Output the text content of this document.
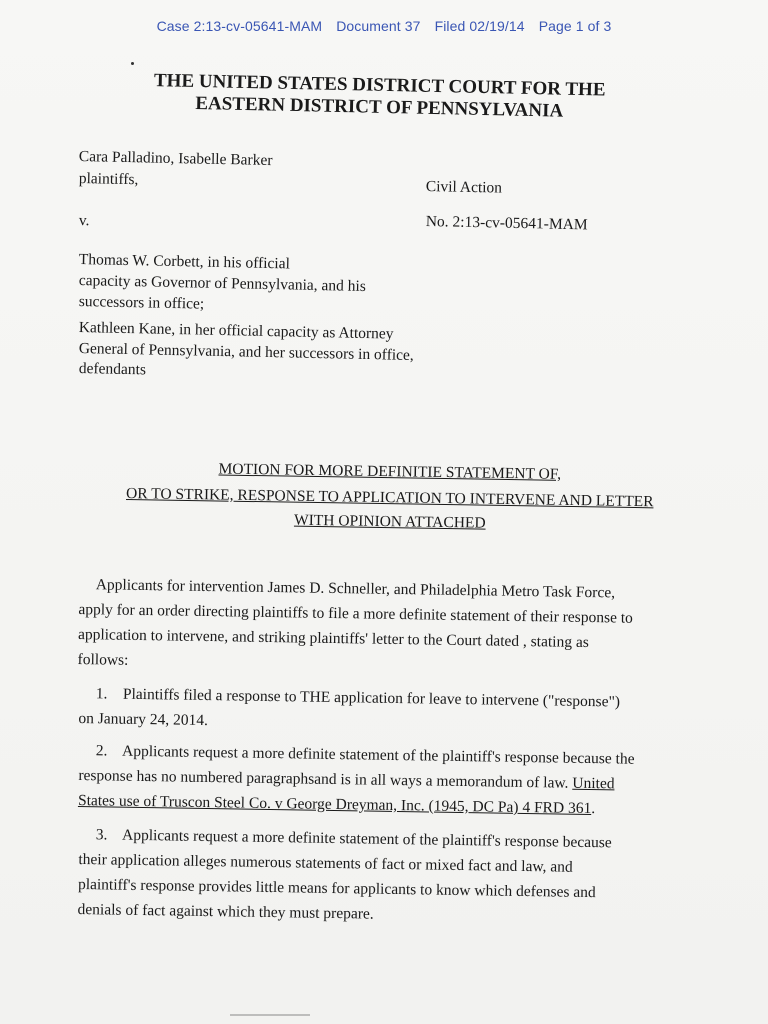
Case 2:13-cv-05641-MAM Document 37 Filed 02/19/14 Page 1 of 3
THE UNITED STATES DISTRICT COURT FOR THE
EASTERN DISTRICT OF PENNSYLVANIA
Cara Palladino, Isabelle Barker
plaintiffs,	Civil Action
v.	No. 2:13-cv-05641-MAM
Thomas W. Corbett, in his official
capacity as Governor of Pennsylvania, and his
successors in office;
Kathleen Kane, in her official capacity as Attorney
General of Pennsylvania, and her successors in office,
defendants
MOTION FOR MORE DEFINITIE STATEMENT OF,
OR TO STRIKE, RESPONSE TO APPLICATION TO INTERVENE AND LETTER
WITH OPINION ATTACHED

Applicants for intervention James D. Schneller, and Philadelphia Metro Task Force,

apply for an order directing plaintiffs to file a more definite statement of their response to

application to intervene, and striking plaintiffs' letter to the Court dated , stating as

follows:

1.    Plaintiffs filed a response to THE application for leave to intervene ("response")

on January 24, 2014.

2.    Applicants request a more definite statement of the plaintiff's response because the

response has no numbered paragraphsand is in all ways a memorandum of law. United

States use of Truscon Steel Co. v George Dreyman, Inc. (1945, DC Pa) 4 FRD 361.

3.    Applicants request a more definite statement of the plaintiff's response because

their application alleges numerous statements of fact or mixed fact and law, and

plaintiff's response provides little means for applicants to know which defenses and

denials of fact against which they must prepare.
